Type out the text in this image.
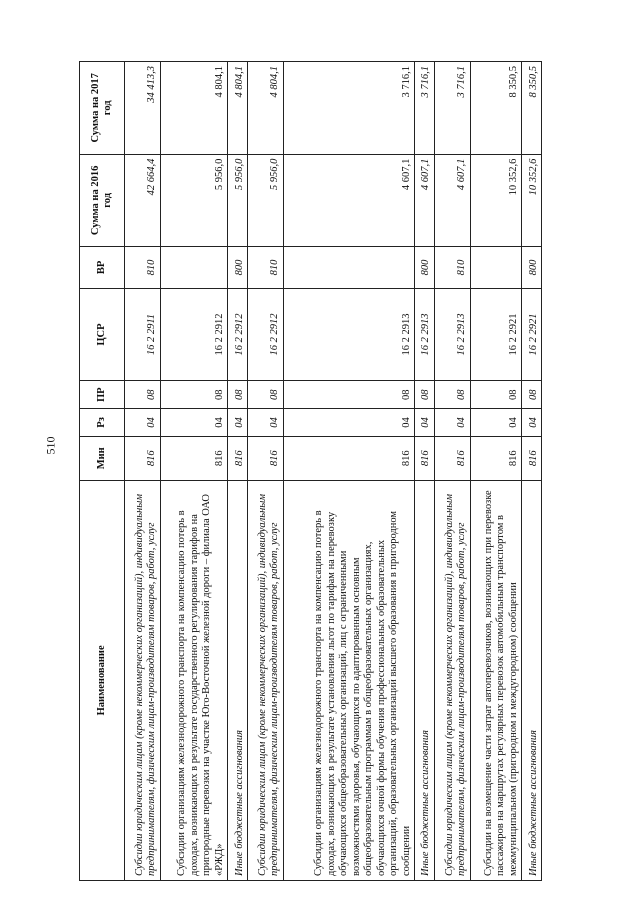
510
Наименование	Мин	Рз	ПР	ЦСР	ВР	Сумма на 2016 год	Сумма на 2017 год
Субсидии юридическим лицам (кроме некоммерческих организаций), индивидуальным предпринимателям, физическим лицам-производителям товаров, работ, услуг	816	04	08	16 2 2911	810	42 664,4	34 413,3
Субсидии организациям железнодорожного транспорта на компенсацию потерь в доходах, возникающих в результате государственного регулирования тарифов на пригородные перевозки на участке Юго-Восточной железной дороги – филиала ОАО «РЖД»	816	04	08	16 2 2912		5 956,0	4 804,1
Иные бюджетные ассигнования	816	04	08	16 2 2912	800	5 956,0	4 804,1
Субсидии юридическим лицам (кроме некоммерческих организаций), индивидуальным предпринимателям, физическим лицам-производителям товаров, работ, услуг	816	04	08	16 2 2912	810	5 956,0	4 804,1
Субсидии организациям железнодорожного транспорта на компенсацию потерь в доходах, возникающих в результате установления льгот по тарифам на перевозку обучающихся общеобразовательных организаций, лиц с ограниченными возможностями здоровья, обучающихся по адаптированным основным общеобразовательным программам в общеобразовательных организациях, обучающихся очной формы обучения профессиональных образовательных организаций, образовательных организаций высшего образования в пригородном сообщении	816	04	08	16 2 2913		4 607,1	3 716,1
Иные бюджетные ассигнования	816	04	08	16 2 2913	800	4 607,1	3 716,1
Субсидии юридическим лицам (кроме некоммерческих организаций), индивидуальным предпринимателям, физическим лицам-производителям товаров, работ, услуг	816	04	08	16 2 2913	810	4 607,1	3 716,1
Субсидии на возмещение части затрат автоперевозчиков, возникающих при перевозке пассажиров на маршрутах регулярных перевозок автомобильным транспортом в межмуниципальном (пригородном и междугородном) сообщении	816	04	08	16 2 2921		10 352,6	8 350,5
Иные бюджетные ассигнования	816	04	08	16 2 2921	800	10 352,6	8 350,5
